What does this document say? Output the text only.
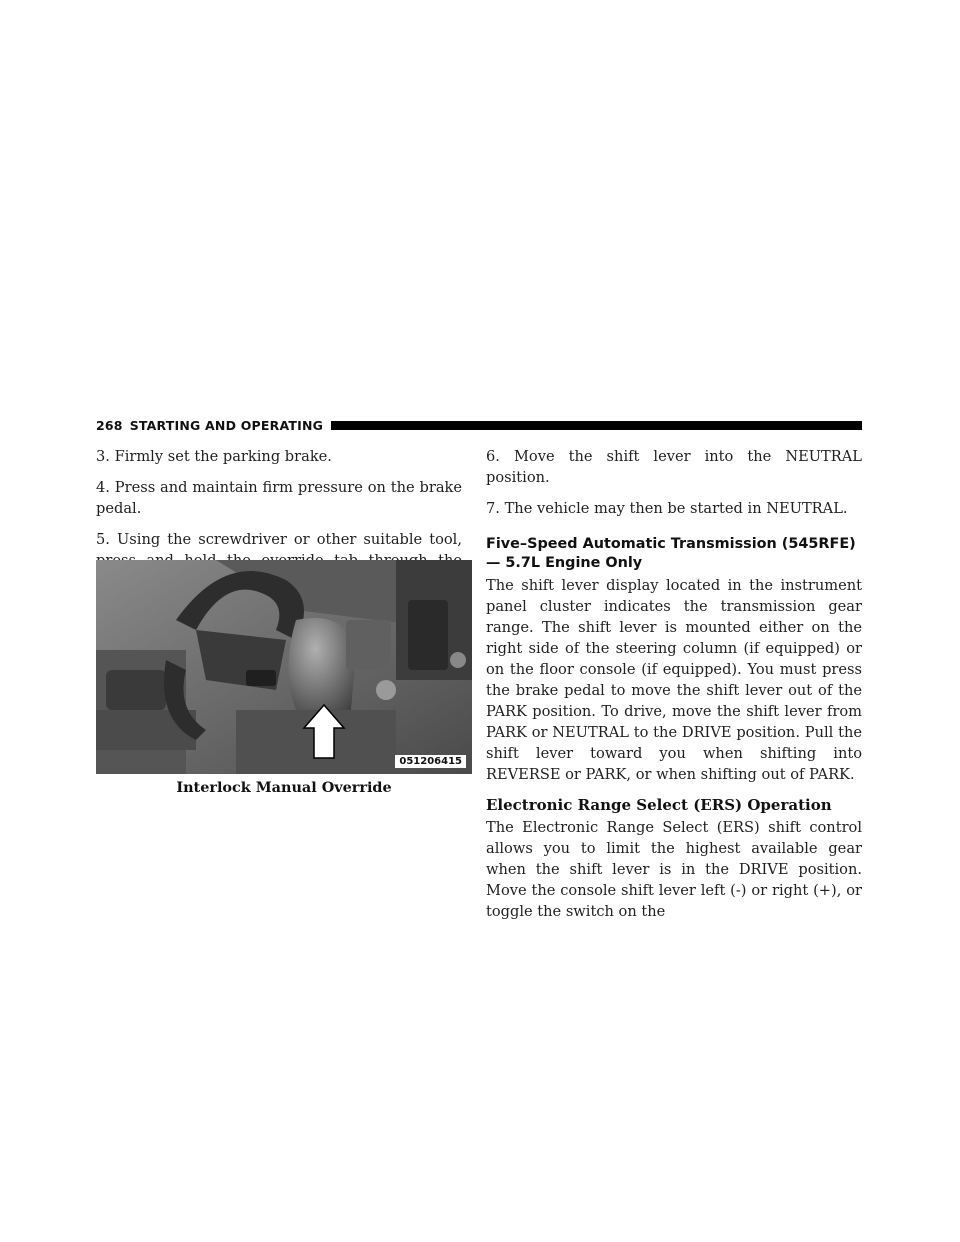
268 STARTING AND OPERATING

3. Firmly set the parking brake.

4. Press and maintain firm pressure on the brake pedal.

5. Using the screwdriver or other suitable tool,

051206415
Interlock Manual Override

6. Move the shift lever into the NEUTRAL position.

7. The vehicle may then be started in NEUTRAL.

Five–Speed Automatic Transmission (545RFE) — 5.7L Engine Only

The shift lever display located in the instrument panel cluster indicates the transmission gear range. The shift lever is mounted either on the right side of the steering column (if equipped) or on the floor console (if equipped). You must press the brake pedal to move the shift lever out of the PARK position. To drive, move the shift lever from PARK or NEUTRAL to the DRIVE position. Pull the shift lever toward you when shifting into REVERSE or PARK, or when shifting out of PARK.

Electronic Range Select (ERS) Operation

The Electronic Range Select (ERS) shift control allows you to limit the highest available gear when the shift lever is in the DRIVE position. Move the console shift lever left (-) or right (+), or toggle the switch on the
